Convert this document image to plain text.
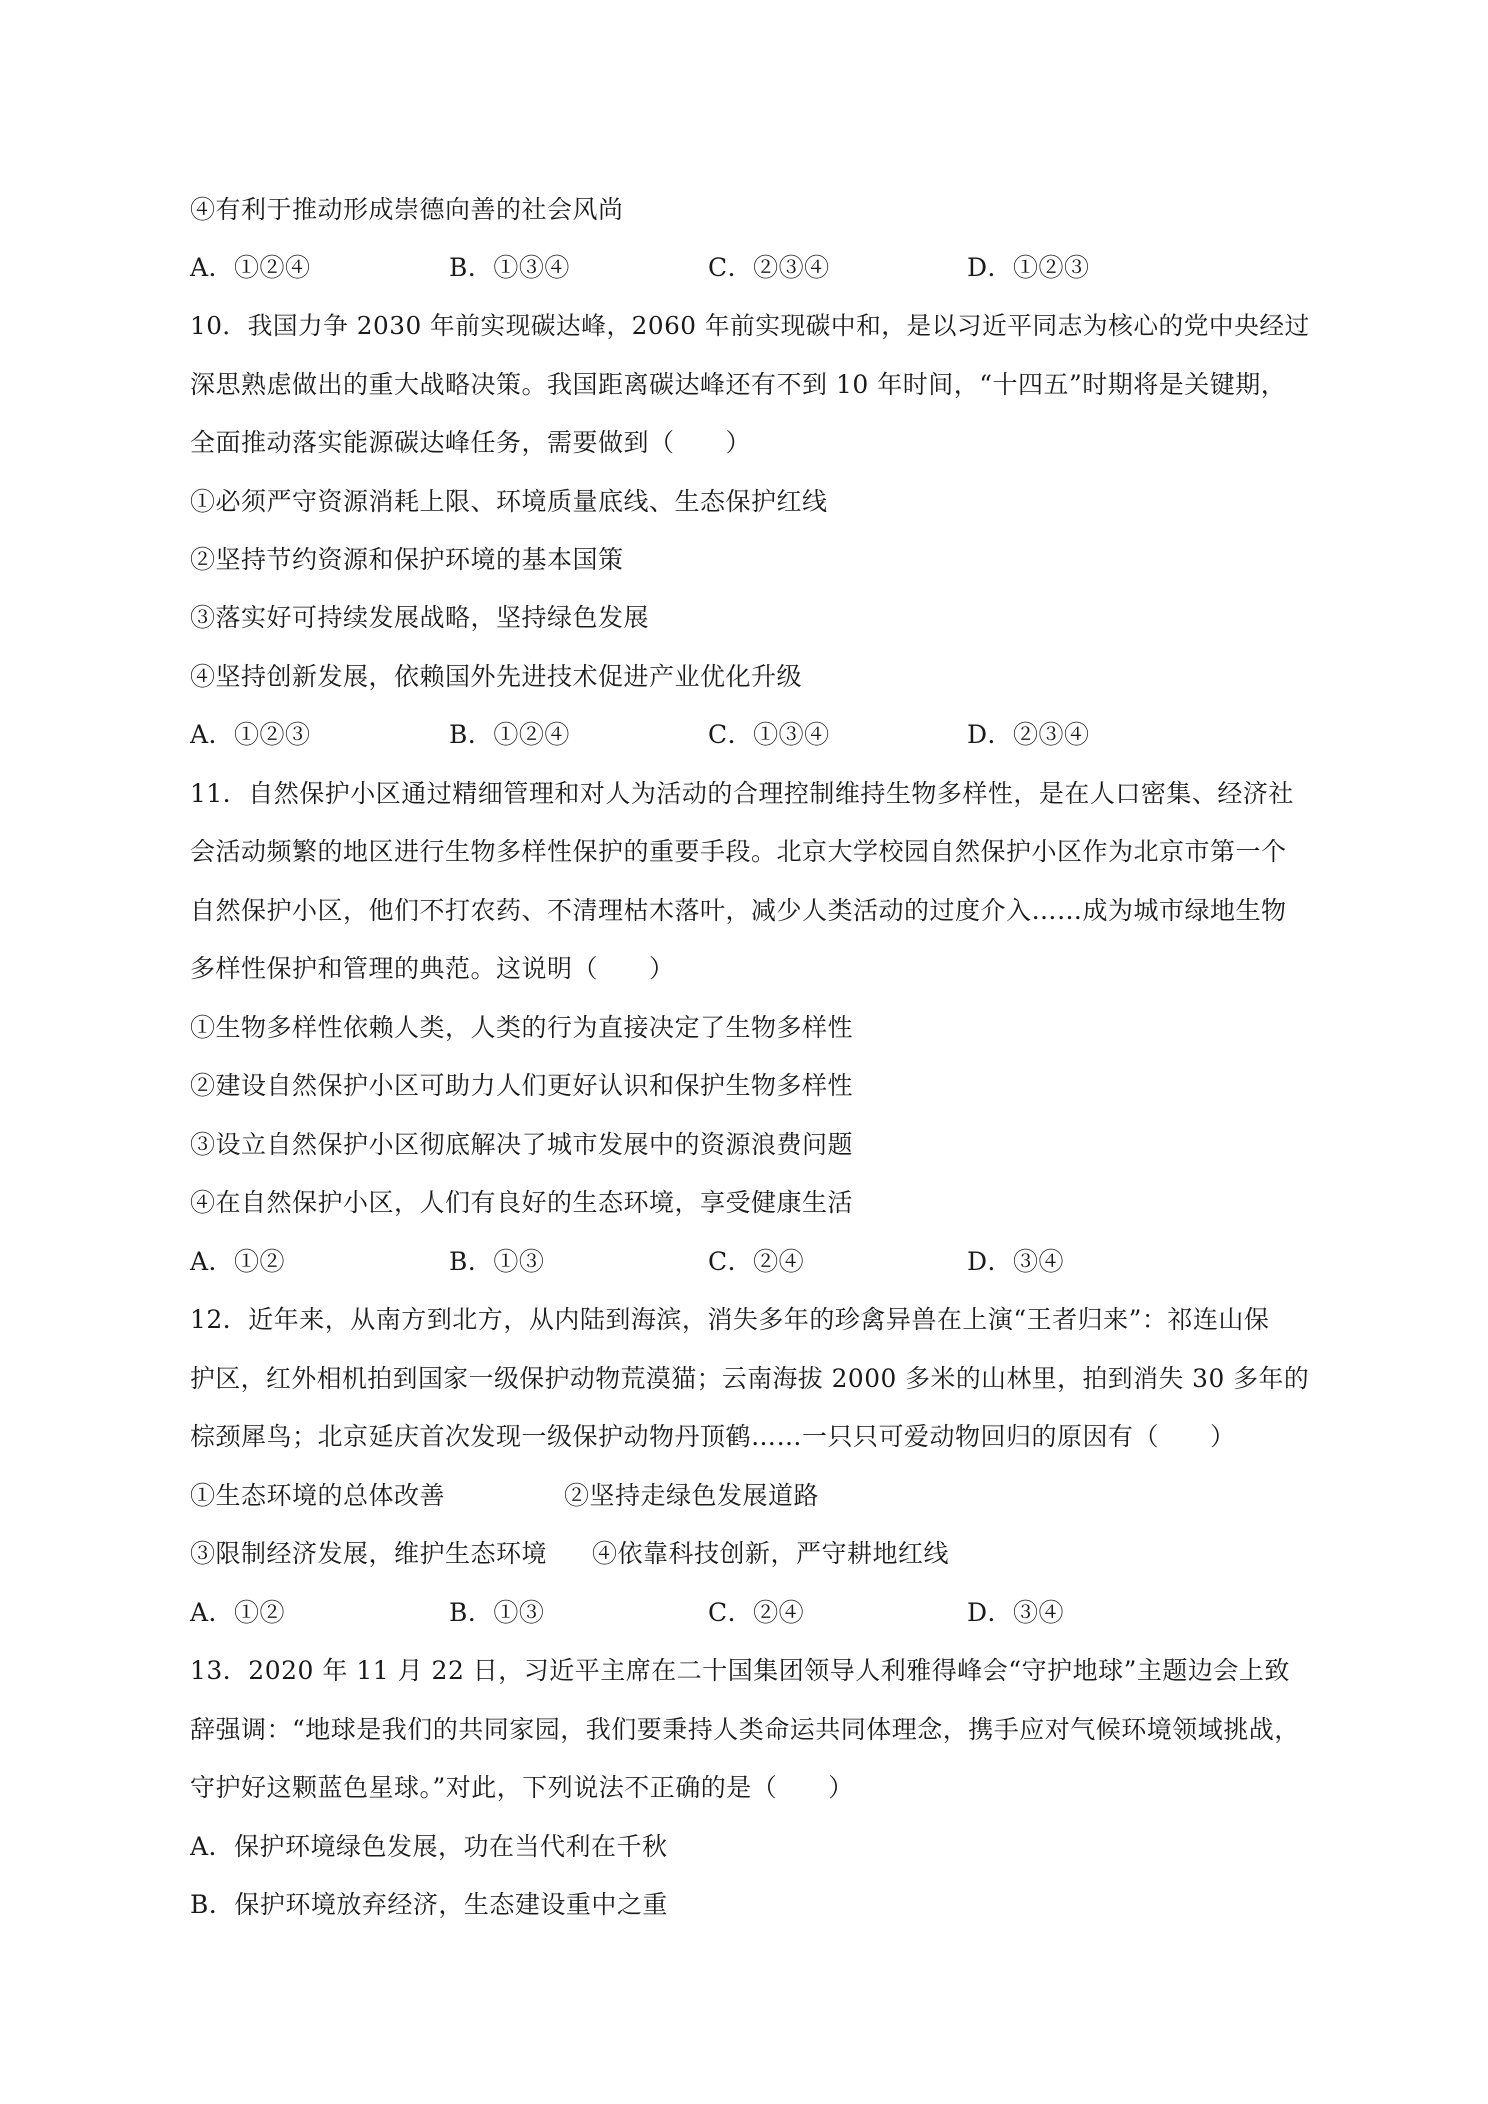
④有利于推动形成崇德向善的社会风尚
A．①②④	B．①③④	C．②③④	D．①②③
10．我国力争 2030 年前实现碳达峰，2060 年前实现碳中和，是以习近平同志为核心的党中央经过
深思熟虑做出的重大战略决策。我国距离碳达峰还有不到 10 年时间，“十四五”时期将是关键期，
全面推动落实能源碳达峰任务，需要做到（　　）
①必须严守资源消耗上限、环境质量底线、生态保护红线
②坚持节约资源和保护环境的基本国策
③落实好可持续发展战略，坚持绿色发展
④坚持创新发展，依赖国外先进技术促进产业优化升级
A．①②③	B．①②④	C．①③④	D．②③④
11．自然保护小区通过精细管理和对人为活动的合理控制维持生物多样性，是在人口密集、经济社
会活动频繁的地区进行生物多样性保护的重要手段。北京大学校园自然保护小区作为北京市第一个
自然保护小区，他们不打农药、不清理枯木落叶，减少人类活动的过度介入……成为城市绿地生物
多样性保护和管理的典范。这说明（　　）
①生物多样性依赖人类，人类的行为直接决定了生物多样性
②建设自然保护小区可助力人们更好认识和保护生物多样性
③设立自然保护小区彻底解决了城市发展中的资源浪费问题
④在自然保护小区，人们有良好的生态环境，享受健康生活
A．①②	B．①③	C．②④	D．③④
12．近年来，从南方到北方，从内陆到海滨，消失多年的珍禽异兽在上演“王者归来”：祁连山保
护区，红外相机拍到国家一级保护动物荒漠猫；云南海拔 2000 多米的山林里，拍到消失 30 多年的
棕颈犀鸟；北京延庆首次发现一级保护动物丹顶鹤……一只只可爱动物回归的原因有（　　）
①生态环境的总体改善	②坚持走绿色发展道路
③限制经济发展，维护生态环境 ④依靠科技创新，严守耕地红线
A．①②	B．①③	C．②④	D．③④
13．2020 年 11 月 22 日，习近平主席在二十国集团领导人利雅得峰会“守护地球”主题边会上致
辞强调：“地球是我们的共同家园，我们要秉持人类命运共同体理念，携手应对气候环境领域挑战，
守护好这颗蓝色星球。”对此，下列说法不正确的是（　　）
A．保护环境绿色发展，功在当代利在千秋
B．保护环境放弃经济，生态建设重中之重
